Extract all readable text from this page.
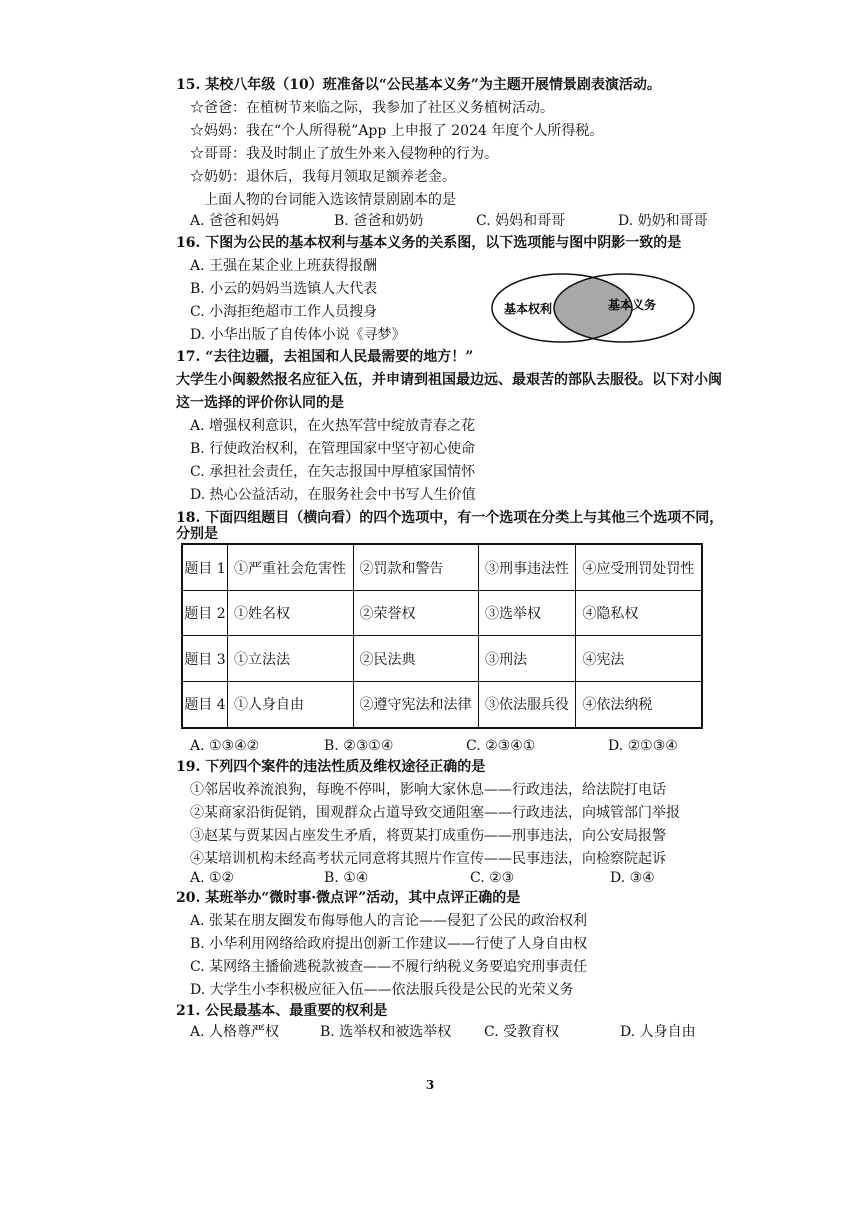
15. 某校八年级（10）班准备以“公民基本义务”为主题开展情景剧表演活动。
☆爸爸：在植树节来临之际，我参加了社区义务植树活动。
☆妈妈：我在“个人所得税”App 上申报了 2024 年度个人所得税。
☆哥哥：我及时制止了放生外来入侵物种的行为。
☆奶奶：退休后，我每月领取足额养老金。
上面人物的台词能入选该情景剧剧本的是
A. 爸爸和妈妈	B. 爸爸和奶奶	C. 妈妈和哥哥	D. 奶奶和哥哥
16. 下图为公民的基本权利与基本义务的关系图，以下选项能与图中阴影一致的是
A. 王强在某企业上班获得报酬
B. 小云的妈妈当选镇人大代表
C. 小海拒绝超市工作人员搜身
D. 小华出版了自传体小说《寻梦》
基本权利	基本义务
17. “去往边疆，去祖国和人民最需要的地方！”
大学生小闽毅然报名应征入伍，并申请到祖国最边远、最艰苦的部队去服役。以下对小闽
这一选择的评价你认同的是
A. 增强权利意识，在火热军营中绽放青春之花
B. 行使政治权利，在管理国家中坚守初心使命
C. 承担社会责任，在矢志报国中厚植家国情怀
D. 热心公益活动，在服务社会中书写人生价值
18. 下面四组题目（横向看）的四个选项中，有一个选项在分类上与其他三个选项不同，
分别是
题目 1	①严重社会危害性	②罚款和警告	③刑事违法性	④应受刑罚处罚性
题目 2	①姓名权	②荣誉权	③选举权	④隐私权
题目 3	①立法法	②民法典	③刑法	④宪法
题目 4	①人身自由	②遵守宪法和法律	③依法服兵役	④依法纳税
A. ①③④②	B. ②③①④	C. ②③④①	D. ②①③④
19. 下列四个案件的违法性质及维权途径正确的是
①邻居收养流浪狗，每晚不停叫，影响大家休息——行政违法，给法院打电话
②某商家沿街促销，围观群众占道导致交通阻塞——行政违法，向城管部门举报
③赵某与贾某因占座发生矛盾，将贾某打成重伤——刑事违法，向公安局报警
④某培训机构未经高考状元同意将其照片作宣传——民事违法，向检察院起诉
A. ①②	B. ①④	C. ②③	D. ③④
20. 某班举办“微时事·微点评”活动，其中点评正确的是
A. 张某在朋友圈发布侮辱他人的言论——侵犯了公民的政治权利
B. 小华利用网络给政府提出创新工作建议——行使了人身自由权
C. 某网络主播偷逃税款被查——不履行纳税义务要追究刑事责任
D. 大学生小李积极应征入伍——依法服兵役是公民的光荣义务
21. 公民最基本、最重要的权利是
A. 人格尊严权	B. 选举权和被选举权 C. 受教育权	D. 人身自由
3
